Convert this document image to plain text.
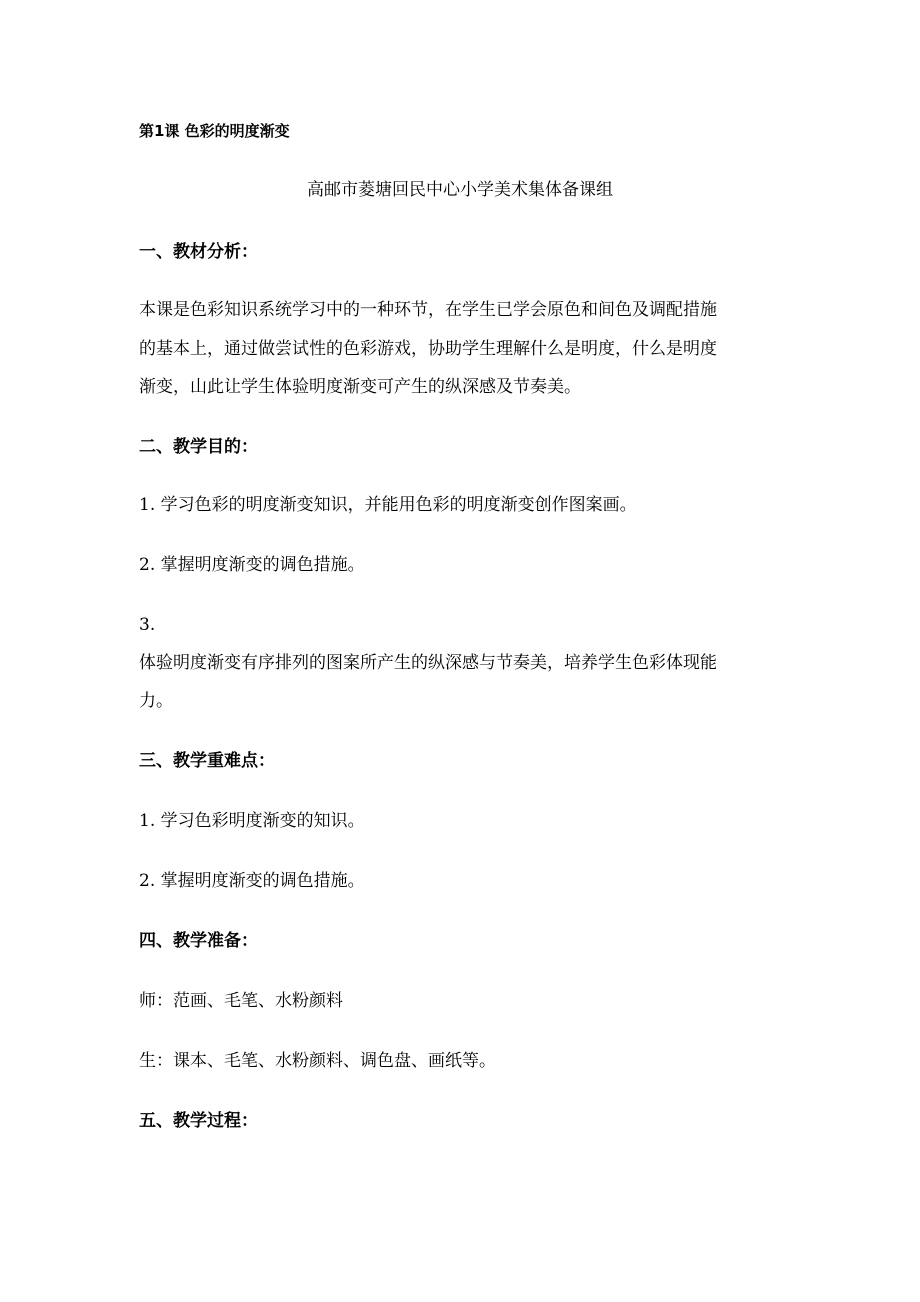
第1课 色彩的明度渐变

高邮市菱塘回民中心小学美术集体备课组

一、教材分析：

本课是色彩知识系统学习中的一种环节，在学生已学会原色和间色及调配措施

的基本上，通过做尝试性的色彩游戏，协助学生理解什么是明度，什么是明度

渐变，山此让学生体验明度渐变可产生的纵深感及节奏美。

二、教学目的：

1. 学习色彩的明度渐变知识，并能用色彩的明度渐变创作图案画。

2. 掌握明度渐变的调色措施。

3.

体验明度渐变有序排列的图案所产生的纵深感与节奏美，培养学生色彩体现能

力。

三、教学重难点：

1. 学习色彩明度渐变的知识。

2. 掌握明度渐变的调色措施。

四、教学准备：

师：范画、毛笔、水粉颜料

生：课本、毛笔、水粉颜料、调色盘、画纸等。

五、教学过程：
